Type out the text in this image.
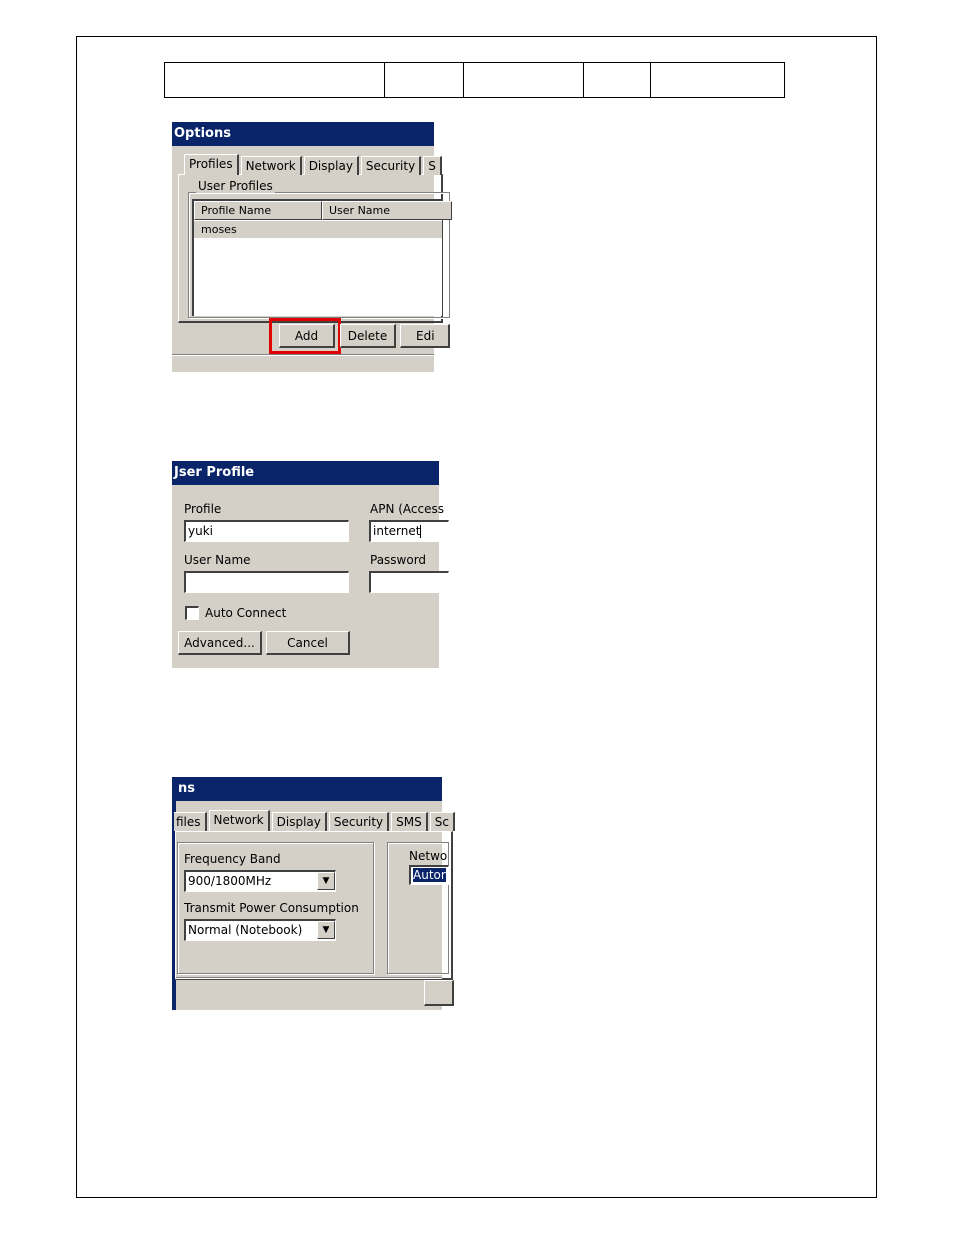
Options
Profiles	Network	Display	Security	S
User Profiles
Profile Name	User Name
moses
Add	Delete	Edi
Jser Profile
Profile
yuki
APN (Access
internet
User Name	Password
Auto Connect
Advanced...	Cancel
ns
files	Network	Display	Security	SMS	Sc
Frequency Band
900/1800MHz	▼
Transmit Power Consumption
Normal (Notebook)	▼
Netwo
Autor
